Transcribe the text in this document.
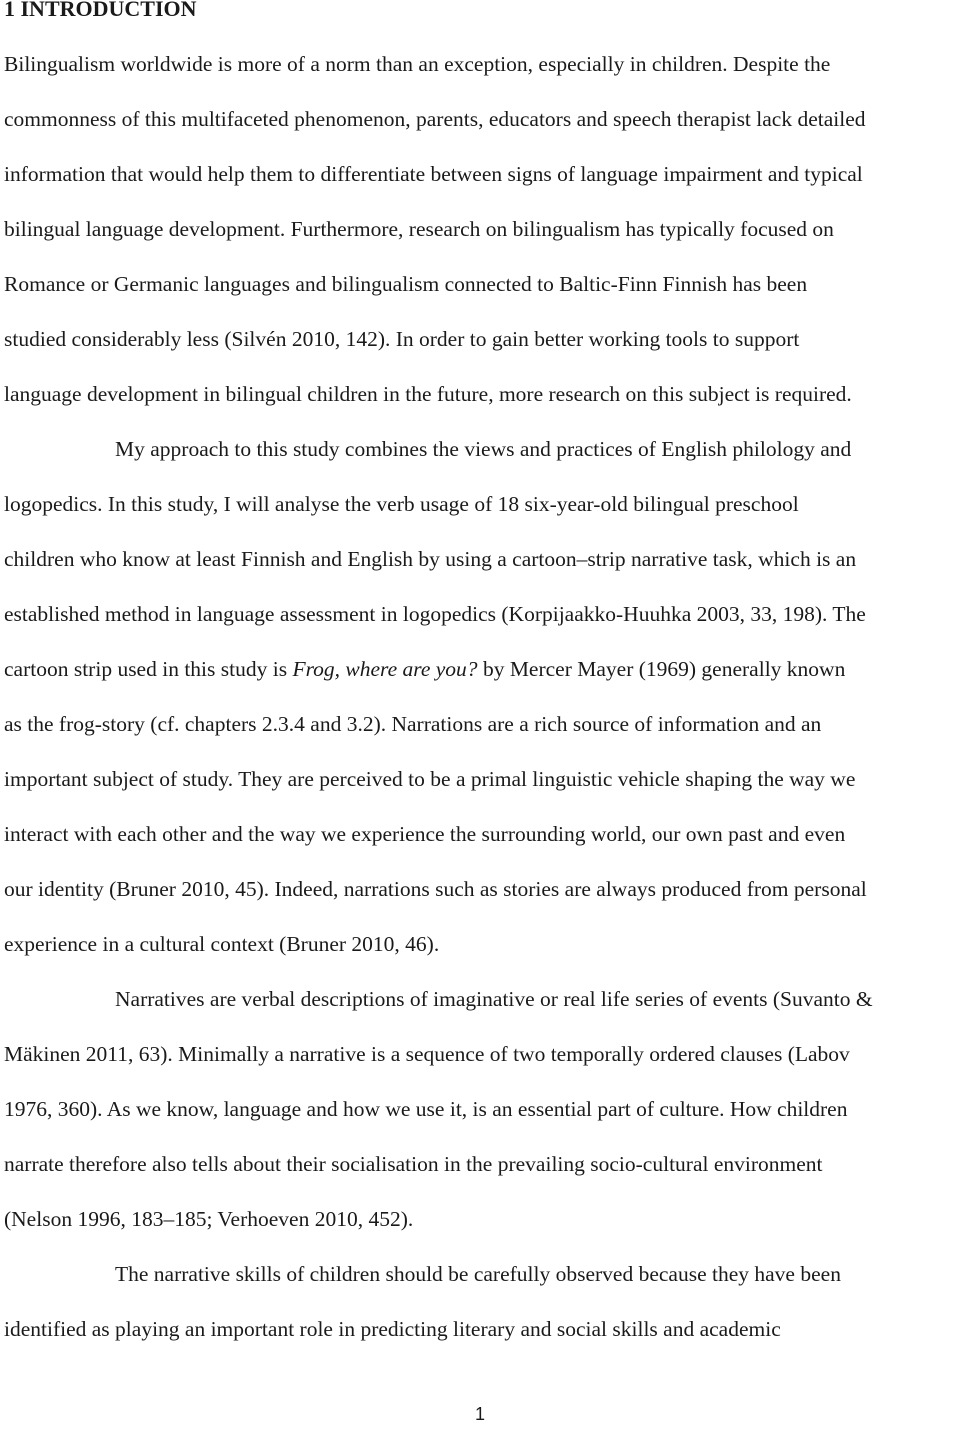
1 INTRODUCTION
Bilingualism worldwide is more of a norm than an exception, especially in children. Despite the
commonness of this multifaceted phenomenon, parents, educators and speech therapist lack detailed
information that would help them to differentiate between signs of language impairment and typical
bilingual language development. Furthermore, research on bilingualism has typically focused on
Romance or Germanic languages and bilingualism connected to Baltic-Finn Finnish has been
studied considerably less (Silvén 2010, 142). In order to gain better working tools to support
language development in bilingual children in the future, more research on this subject is required.
My approach to this study combines the views and practices of English philology and
logopedics. In this study, I will analyse the verb usage of 18 six-year-old bilingual preschool
children who know at least Finnish and English by using a cartoon–strip narrative task, which is an
established method in language assessment in logopedics (Korpijaakko-Huuhka 2003, 33, 198). The
cartoon strip used in this study is Frog, where are you? by Mercer Mayer (1969) generally known
as the frog-story (cf. chapters 2.3.4 and 3.2). Narrations are a rich source of information and an
important subject of study. They are perceived to be a primal linguistic vehicle shaping the way we
interact with each other and the way we experience the surrounding world, our own past and even
our identity (Bruner 2010, 45). Indeed, narrations such as stories are always produced from personal
experience in a cultural context (Bruner 2010, 46).
Narratives are verbal descriptions of imaginative or real life series of events (Suvanto &
Mäkinen 2011, 63). Minimally a narrative is a sequence of two temporally ordered clauses (Labov
1976, 360). As we know, language and how we use it, is an essential part of culture. How children
narrate therefore also tells about their socialisation in the prevailing socio-cultural environment
(Nelson 1996, 183–185; Verhoeven 2010, 452).
The narrative skills of children should be carefully observed because they have been
identified as playing an important role in predicting literary and social skills and academic
1
